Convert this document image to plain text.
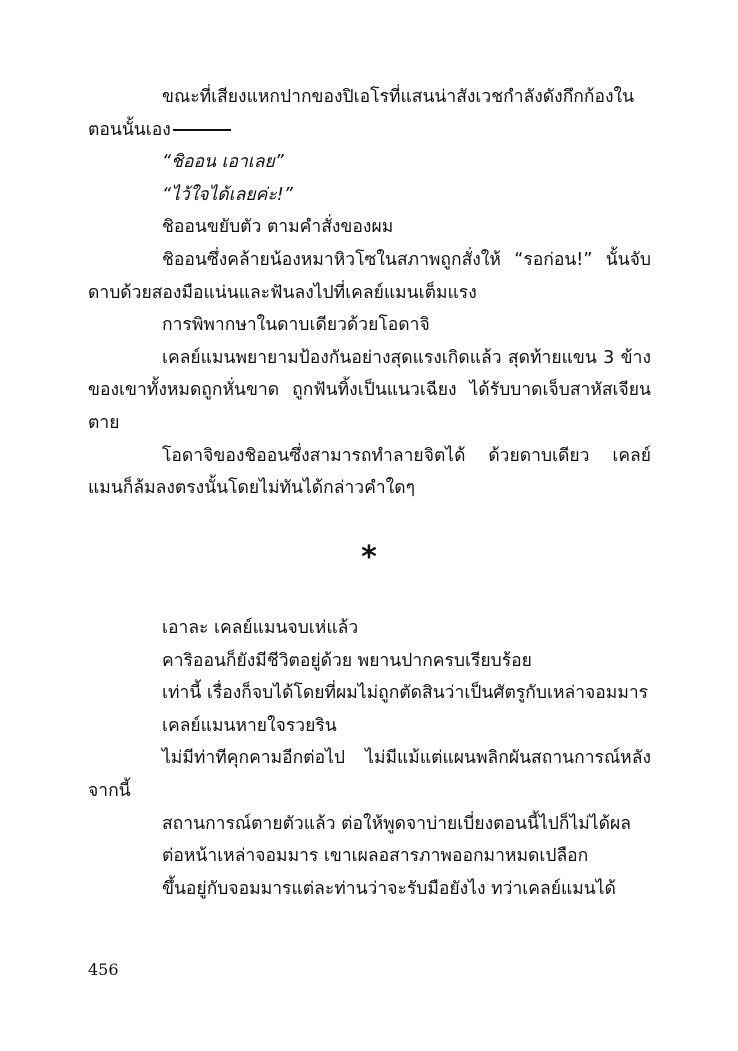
ขณะที่เสียงแหกปากของปิเอโรที่แสนน่าสังเวชกำลังดังกึกก้องในตอนนั้นเอง

“ชิออน เอาเลย”

“ไว้ใจได้เลยค่ะ!”

ชิออนขยับตัว ตามคำสั่งของผม

ชิออนซึ่งคล้ายน้องหมาหิวโซในสภาพถูกสั่งให้ “รอก่อน!” นั้นจับดาบด้วยสองมือแน่นและฟันลงไปที่เคลย์แมนเต็มแรง

การพิพากษาในดาบเดียวด้วยโอดาจิ

เคลย์แมนพยายามป้องกันอย่างสุดแรงเกิดแล้ว สุดท้ายแขน 3 ข้างของเขาทั้งหมดถูกหั่นขาด ถูกฟันทิ้งเป็นแนวเฉียง ได้รับบาดเจ็บสาหัสเจียนตาย

โอดาจิของชิออนซึ่งสามารถทำลายจิตได้ ด้วยดาบเดียว เคลย์แมนก็ล้มลงตรงนั้นโดยไม่ทันได้กล่าวคำใดๆ

*

เอาละ เคลย์แมนจบเห่แล้ว

คาริออนก็ยังมีชีวิตอยู่ด้วย พยานปากครบเรียบร้อย

เท่านี้ เรื่องก็จบได้โดยที่ผมไม่ถูกตัดสินว่าเป็นศัตรูกับเหล่าจอมมาร

เคลย์แมนหายใจรวยริน

ไม่มีท่าทีคุกคามอีกต่อไป ไม่มีแม้แต่แผนพลิกผันสถานการณ์หลังจากนี้

สถานการณ์ตายตัวแล้ว ต่อให้พูดจาบ่ายเบี่ยงตอนนี้ไปก็ไม่ได้ผล

ต่อหน้าเหล่าจอมมาร เขาเผลอสารภาพออกมาหมดเปลือก

ขึ้นอยู่กับจอมมารแต่ละท่านว่าจะรับมือยังไง ทว่าเคลย์แมนได้

456
